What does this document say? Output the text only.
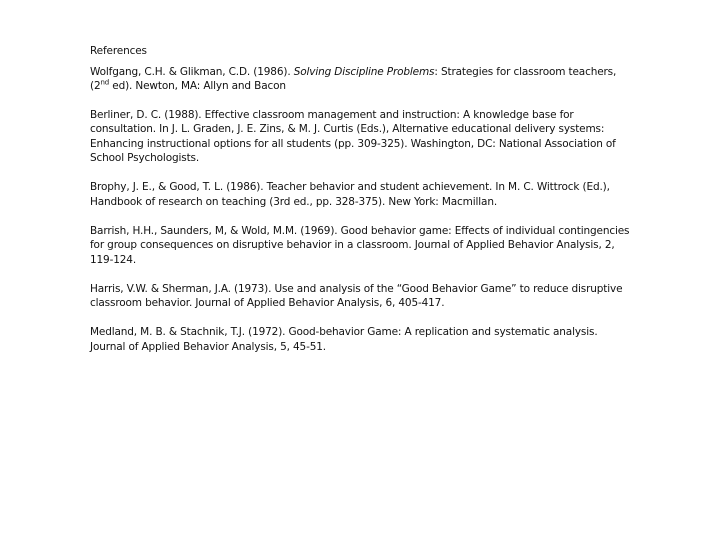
References
Wolfgang, C.H. & Glikman, C.D. (1986). Solving Discipline Problems: Strategies for classroom teachers, (2nd ed). Newton, MA: Allyn and Bacon
Berliner, D. C. (1988). Effective classroom management and instruction: A knowledge base for consultation. In J. L. Graden, J. E. Zins, & M. J. Curtis (Eds.), Alternative educational delivery systems: Enhancing instructional options for all students (pp. 309-325). Washington, DC: National Association of School Psychologists.
Brophy, J. E., & Good, T. L. (1986). Teacher behavior and student achievement. In M. C. Wittrock (Ed.), Handbook of research on teaching (3rd ed., pp. 328-375). New York: Macmillan.
Barrish, H.H., Saunders, M, & Wold, M.M. (1969). Good behavior game: Effects of individual contingencies for group consequences on disruptive behavior in a classroom. Journal of Applied Behavior Analysis, 2, 119-124.
Harris, V.W. & Sherman, J.A. (1973). Use and analysis of the “Good Behavior Game” to reduce disruptive classroom behavior. Journal of Applied Behavior Analysis, 6, 405-417.
Medland, M. B. & Stachnik, T.J. (1972). Good-behavior Game: A replication and systematic analysis. Journal of Applied Behavior Analysis, 5, 45-51.
